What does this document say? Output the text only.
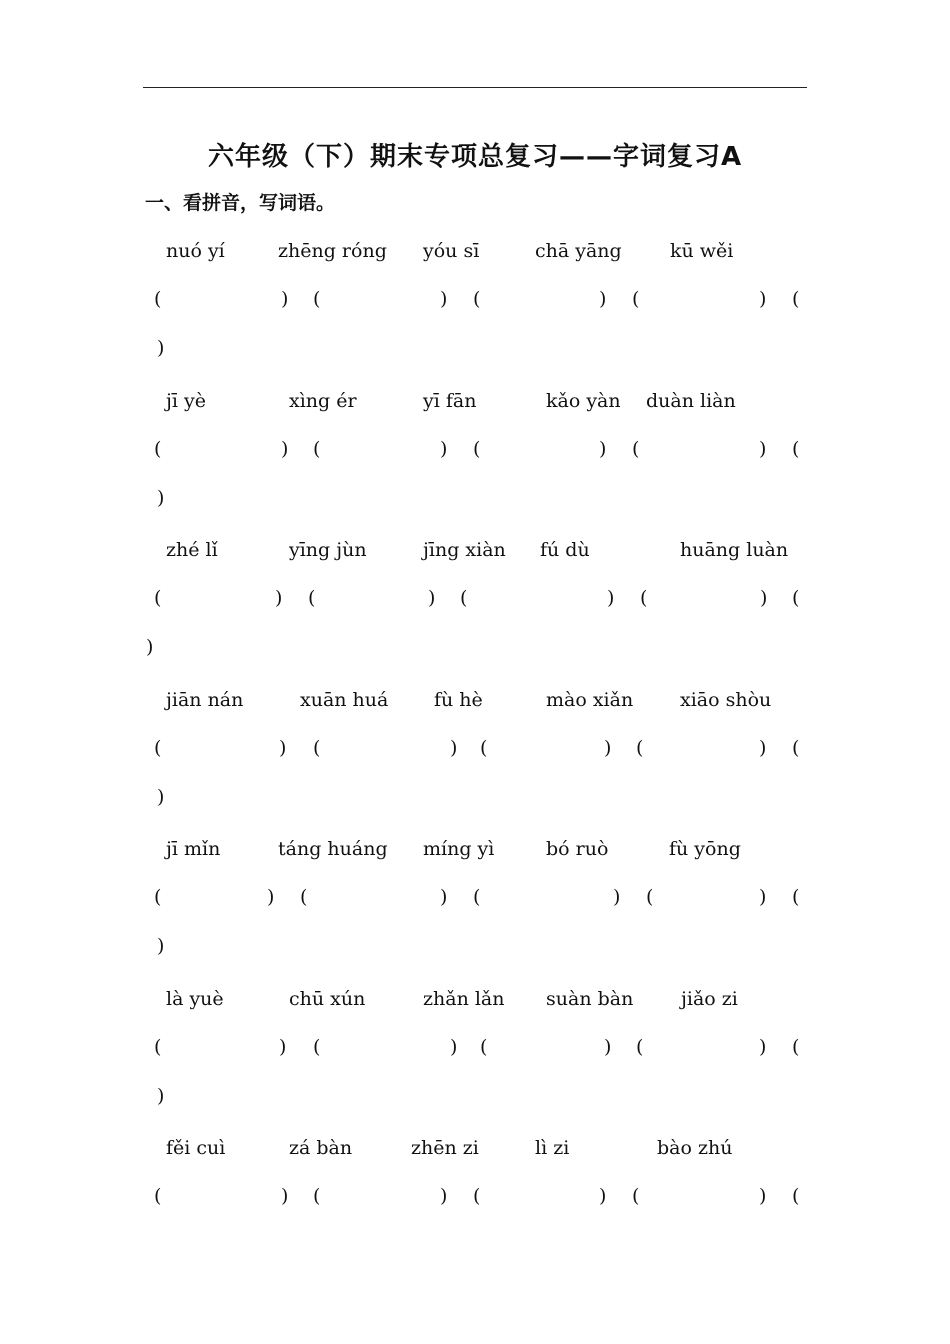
六年级（下）期末专项总复习——字词复习A
一、看拼音，写词语。
nuó yí	zhēng róng yóu sī	chā yāng	kū wěi
(	(	(	(	(
)	)	)	)
)
jī yè	xìng ér	yī fān	kǎo yàn duàn liàn
(	(	(	(	(
)	)	)	)
)
zhé lǐ	yīng jùn	jīng xiàn fú dù	huāng luàn
(	(	(	(	(
)	)	)	)
)
jiān nán	xuān huá fù hè	mào xiǎn xiāo shòu
(	(	(	(	(
)	)	)	)
)
jī mǐn	táng huáng míng yì	bó ruò	fù yōng
(	(	(	(	(
)	)	)	)
)
là yuè	chū xún	zhǎn lǎn suàn bàn	jiǎo zi
(	(	(	(	(
)	)	)	)
)
fěi cuì	zá bàn	zhēn zi	lì zi	bào zhú
(	(	(	(	(
)	)	)	)
